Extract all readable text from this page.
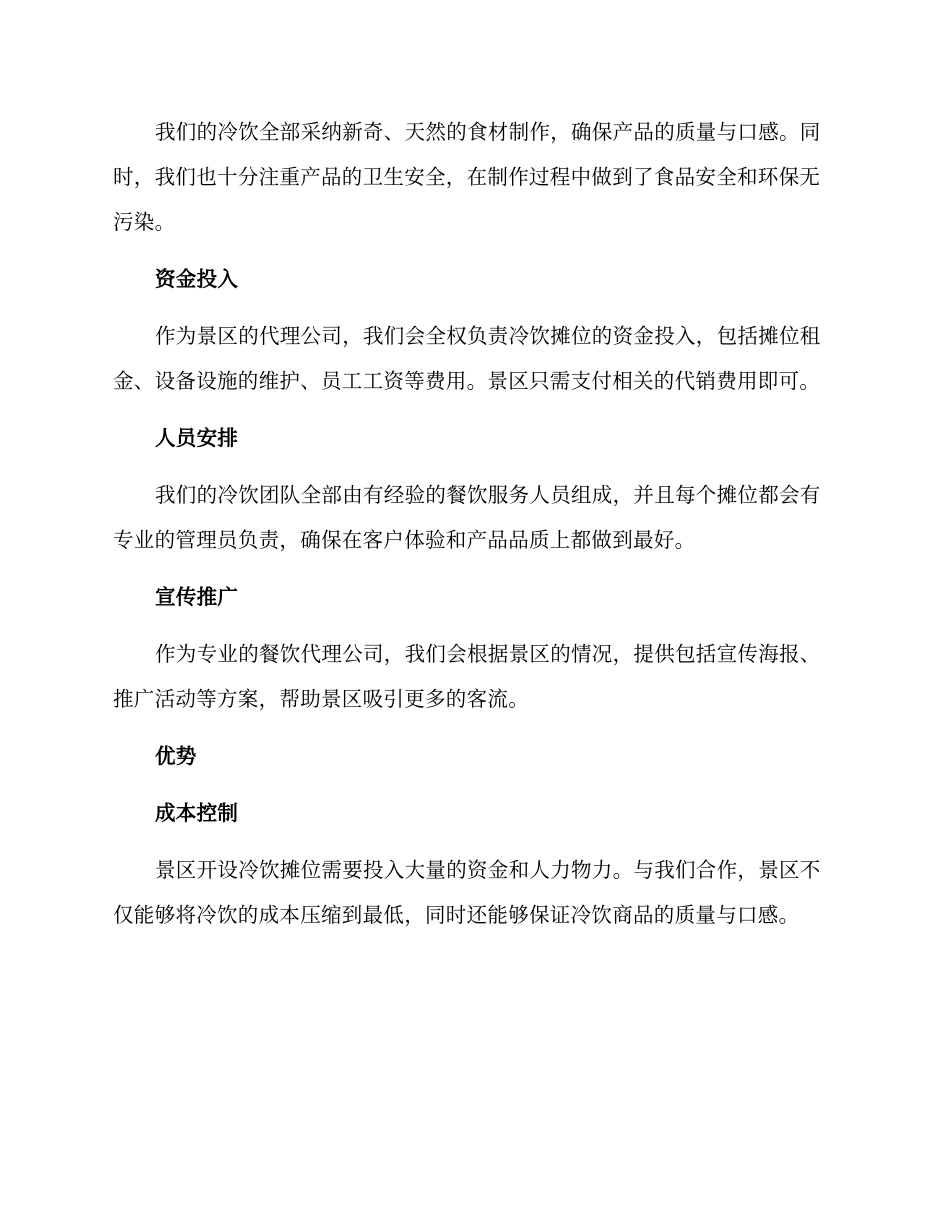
我们的冷饮全部采纳新奇、天然的食材制作，确保产品的质量与口感。同时，我们也十分注重产品的卫生安全，在制作过程中做到了食品安全和环保无污染。

资金投入

作为景区的代理公司，我们会全权负责冷饮摊位的资金投入，包括摊位租金、设备设施的维护、员工工资等费用。景区只需支付相关的代销费用即可。

人员安排

我们的冷饮团队全部由有经验的餐饮服务人员组成，并且每个摊位都会有专业的管理员负责，确保在客户体验和产品品质上都做到最好。

宣传推广

作为专业的餐饮代理公司，我们会根据景区的情况，提供包括宣传海报、推广活动等方案，帮助景区吸引更多的客流。

优势

成本控制

景区开设冷饮摊位需要投入大量的资金和人力物力。与我们合作，景区不仅能够将冷饮的成本压缩到最低，同时还能够保证冷饮商品的质量与口感。
